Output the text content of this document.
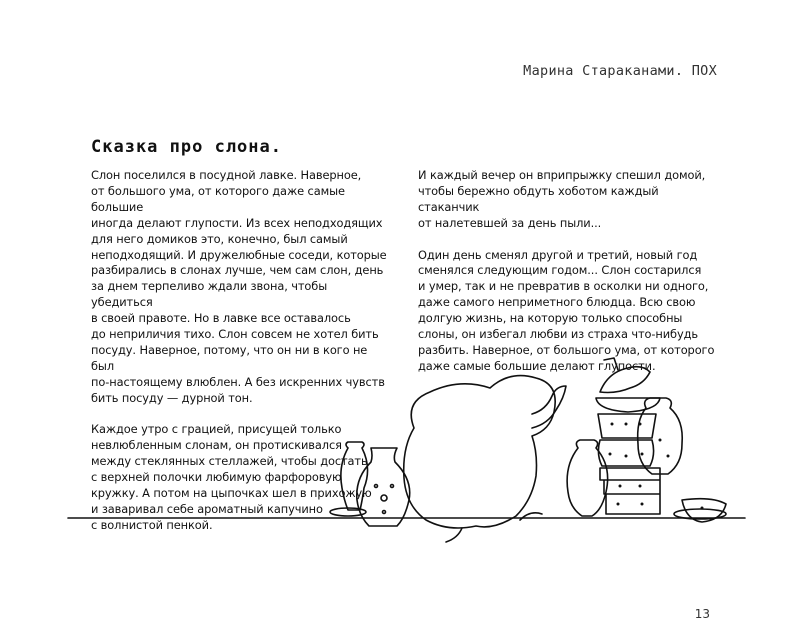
Марина Стараканами. ПОХ
Сказка про слона.

Слон поселился в посудной лавке. Наверное,
от большого ума, от которого даже самые большие
иногда делают глупости. Из всех неподходящих
для него домиков это, конечно, был самый
неподходящий. И дружелюбные соседи, которые
разбирались в слонах лучше, чем сам слон, день
за днем терпеливо ждали звона, чтобы убедиться
в своей правоте. Но в лавке все оставалось
до неприличия тихо. Слон совсем не хотел бить
посуду. Наверное, потому, что он ни в кого не был
по-настоящему влюблен. А без искренних чувств
бить посуду — дурной тон.

Каждое утро с грацией, присущей только
невлюбленным слонам, он протискивался
между стеклянных стеллажей, чтобы достать
с верхней полочки любимую фарфоровую
кружку. А потом на цыпочках шел в прихожую
и заваривал себе ароматный капучино
с волнистой пенкой.

И каждый вечер он вприпрыжку спешил домой,
чтобы бережно обдуть хоботом каждый стаканчик
от налетевшей за день пыли...

Один день сменял другой и третий, новый год
сменялся следующим годом... Слон состарился
и умер, так и не превратив в осколки ни одного,
даже самого неприметного блюдца. Всю свою
долгую жизнь, на которую только способны
слоны, он избегал любви из страха что-нибудь
разбить. Наверное, от большого ума, от которого
даже самые большие делают глупости.

13
